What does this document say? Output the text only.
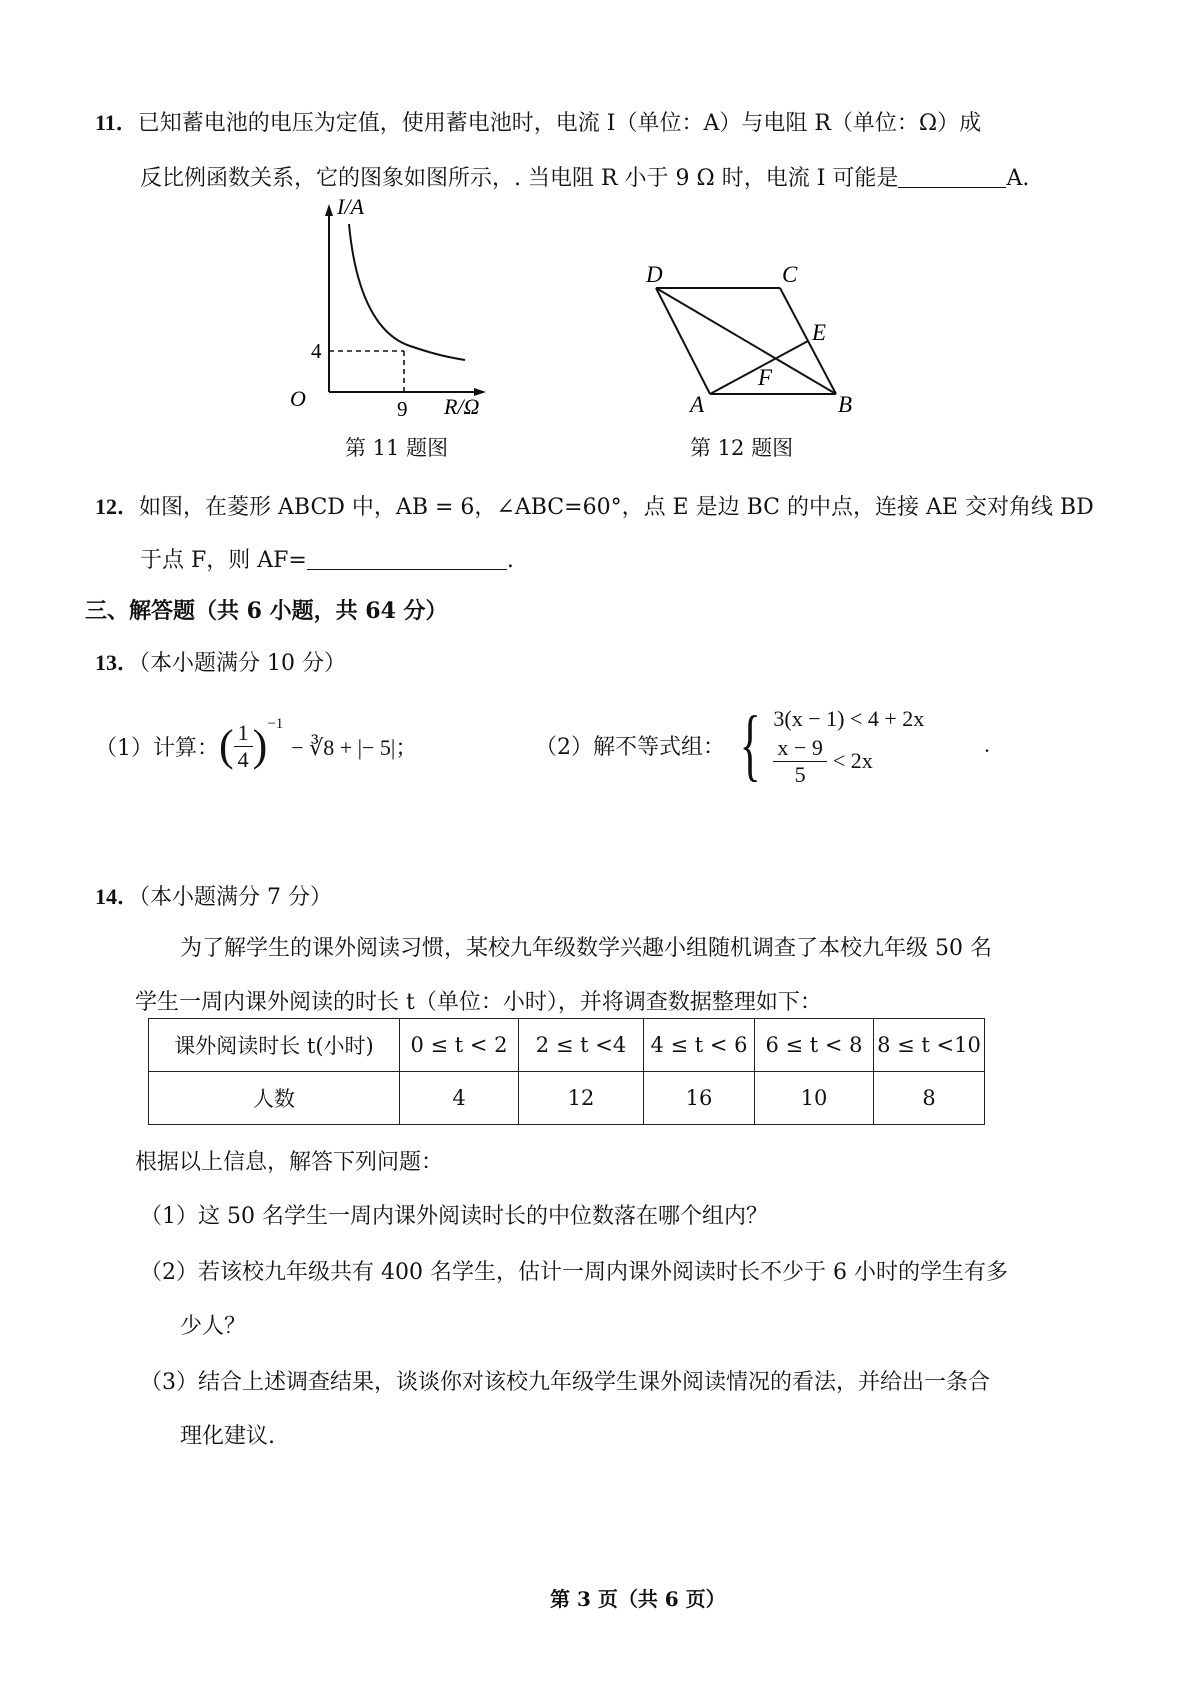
11．已知蓄电池的电压为定值，使用蓄电池时，电流 I（单位：A）与电阻 R（单位：Ω）成
反比例函数关系，它的图象如图所示，. 当电阻 R 小于 9 Ω 时，电流 I 可能是	A.
I/A
4
O	9 R/Ω
第 11 题图
D	C
E
F
A	B
第 12 题图
12．如图，在菱形 ABCD 中，AB = 6，∠ABC=60°，点 E 是边 BC 的中点，连接 AE 交对角线 BD
于点 F，则 AF=	.
三、解答题（共 6 小题，共 64 分）
13．（本小题满分 10 分）
（1）计算： ( $\frac{1}{4}$ ) −1
− ∛8 + |− 5|；	（2）解不等式组： { 3(x − 1) < 4 + 2x
$\frac{x - 9}{5} < 2x$
.
14．（本小题满分 7 分）
为了解学生的课外阅读习惯，某校九年级数学兴趣小组随机调查了本校九年级 50 名
学生一周内课外阅读的时长 t（单位：小时），并将调查数据整理如下：
课外阅读时长 t(小时)	0 ≤ t < 2	2 ≤ t <4	4 ≤ t < 6	6 ≤ t < 8	8 ≤ t <10
人数	4	12	16	10	8
根据以上信息，解答下列问题：
（1）这 50 名学生一周内课外阅读时长的中位数落在哪个组内？
（2）若该校九年级共有 400 名学生，估计一周内课外阅读时长不少于 6 小时的学生有多
少人？
（3）结合上述调查结果，谈谈你对该校九年级学生课外阅读情况的看法，并给出一条合
理化建议.
第 3 页（共 6 页）
